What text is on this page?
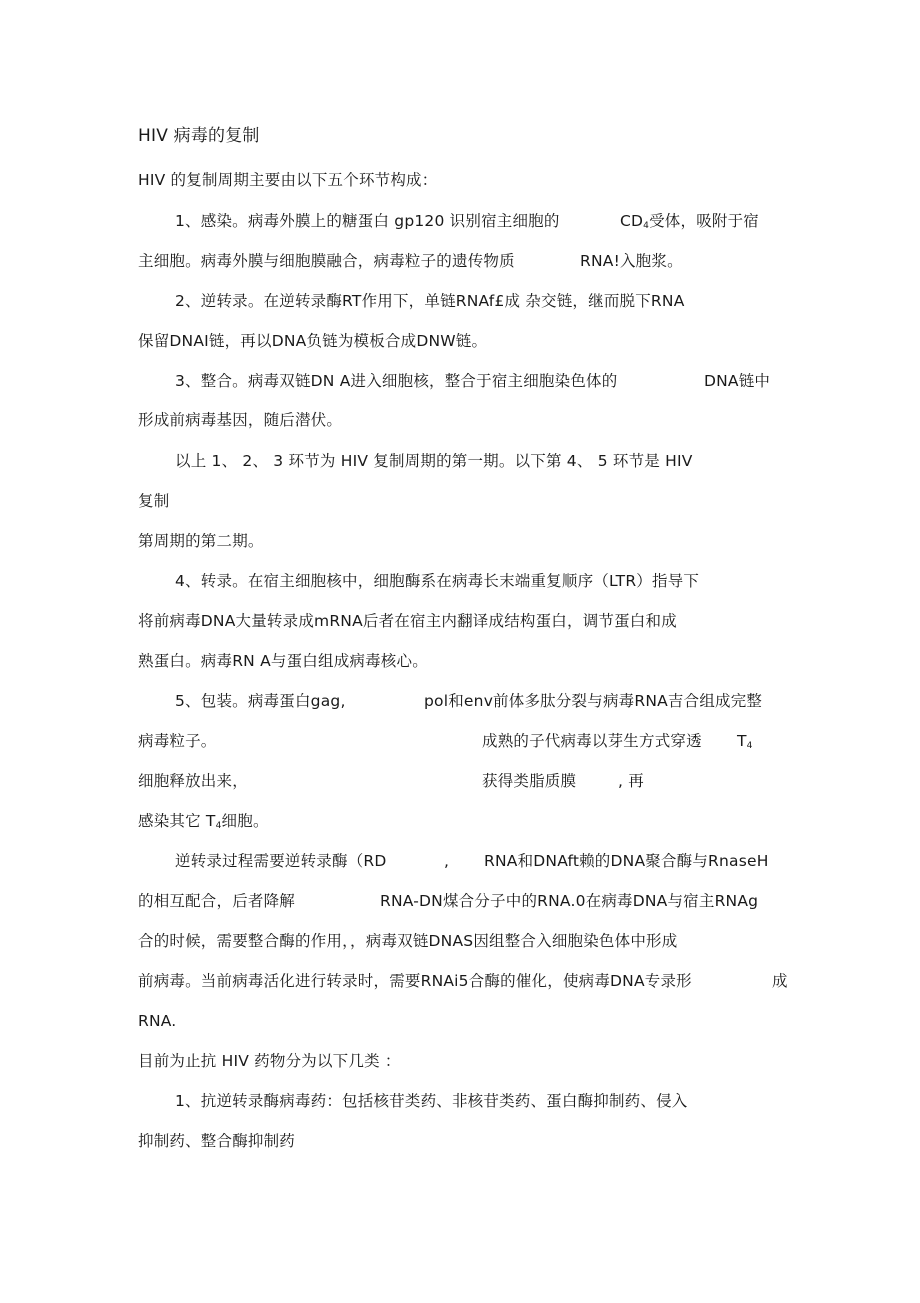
HIV 病毒的复制
HIV 的复制周期主要由以下五个环节构成：
1、感染。病毒外膜上的糖蛋白 gp120 识别宿主细胞的	$CD_4$受体，吸附于宿
主细胞。病毒外膜与细胞膜融合，病毒粒子的遗传物质	RNA!入胞浆。
2、逆转录。在逆转录酶RT作用下，单链RNAf£成 杂交链，继而脱下RNA
保留DNAI链，再以DNA负链为模板合成DNW链。
3、整合。病毒双链DN A进入细胞核，整合于宿主细胞染色体的	DNA链中
形成前病毒基因，随后潜伏。
以上 1、 2、 3 环节为 HIV 复制周期的第一期。以下第 4、 5 环节是 HIV
复制
第周期的第二期。
4、转录。在宿主细胞核中，细胞酶系在病毒长末端重复顺序（LTR）指导下
将前病毒DNA大量转录成mRNA后者在宿主内翻译成结构蛋白，调节蛋白和成
熟蛋白。病毒RN A与蛋白组成病毒核心。
5、包装。病毒蛋白gag,	pol和env前体多肽分裂与病毒RNA吉合组成完整
病毒粒子。	成熟的子代病毒以芽生方式穿透 $T_4$
细胞释放出来，	获得类脂质膜	, 再
感染其它 $T_4$细胞。
逆转录过程需要逆转录酶（RD	, RNA和DNAft赖的DNA聚合酶与RnaseH
的相互配合，后者降解	RNA-DN煤合分子中的RNA.0在病毒DNA与宿主RNAg
合的时候，需要整合酶的作用，，病毒双链DNAS因组整合入细胞染色体中形成
前病毒。当前病毒活化进行转录时，需要RNAi5合酶的催化，使病毒DNA专录形	成
RNA.
目前为止抗 HIV 药物分为以下几类 ：
1、抗逆转录酶病毒药：包括核苷类药、非核苷类药、蛋白酶抑制药、侵入
抑制药、整合酶抑制药
